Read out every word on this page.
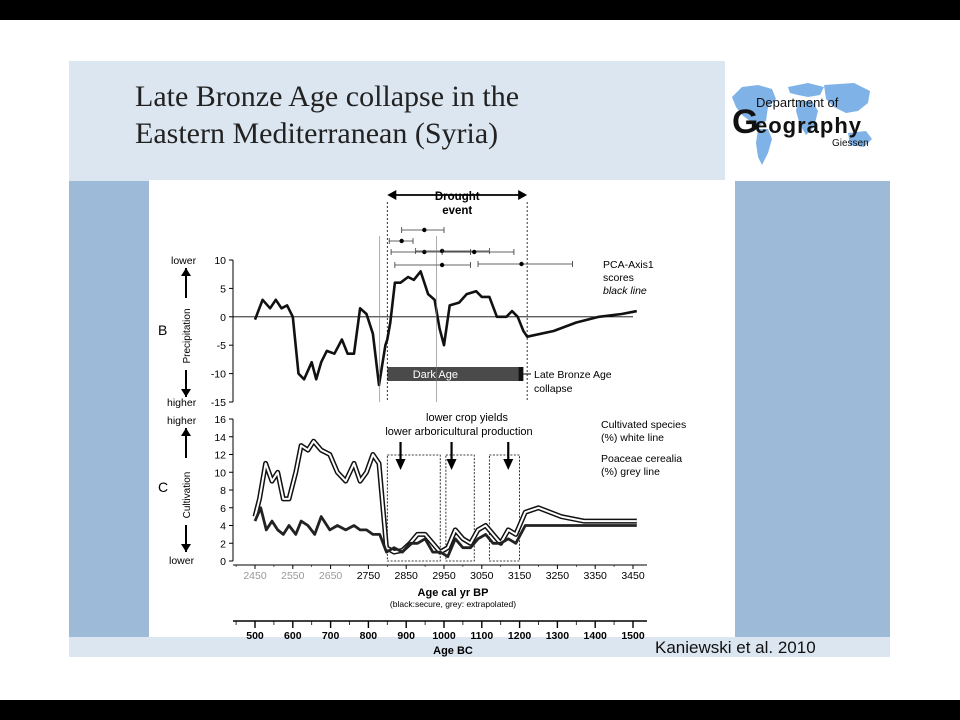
Late Bronze Age collapse in the
Eastern Mediterranean (Syria)
Department of
G
eography
Giessen
Drought
event
B
lower
higher
Precipitation
10
5
0
-5
-10
-15
Dark Age	Late Bronze Age
collapse
PCA-Axis1
scores
black line
C
higher
lower
Cultivation
0
2
4
6
8
10
12
14
16	lower crop yields
lower arboricultural production
Cultivated species
(%) white line
Poaceae cerealia
(%) grey line
2450 2550 2650 2750 2850 2950 3050 3150 3250 3350 3450
Age cal yr BP
(black:secure, grey: extrapolated)
500 600 700 800 900 1000 1100 1200 1300 1400 1500
Age BC	Kaniewski et al. 2010
